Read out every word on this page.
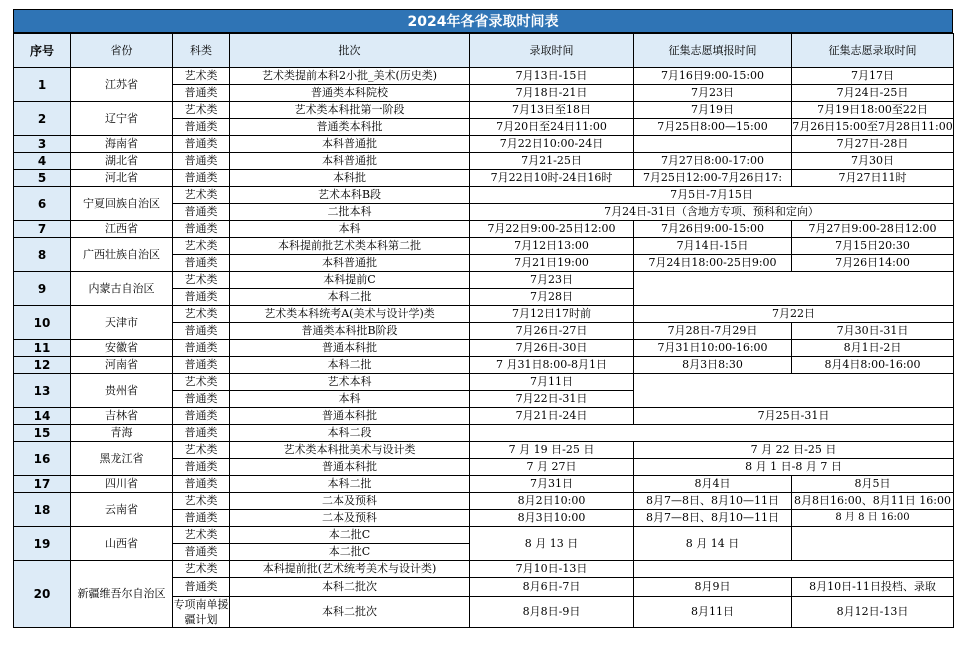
2024年各省录取时间表
序号	省份	科类	批次	录取时间	征集志愿填报时间	征集志愿录取时间
1	江苏省	艺术类	艺术类提前本科2小批_美术(历史类)	7月13日-15日	7月16日9:00-15:00	7月17日
		普通类	普通类本科院校	7月18日-21日	7月23日	7月24日-25日
2	辽宁省	艺术类	艺术类本科批第一阶段	7月13日至18日	7月19日	7月19日18:00至22日
		普通类	普通类本科批	7月20日至24日11:00	7月25日8:00—15:00	7月26日15:00至7月28日11:00
3	海南省	普通类	本科普通批	7月22日10:00-24日		7月27日-28日
4	湖北省	普通类	本科普通批	7月21-25日	7月27日8:00-17:00	7月30日
5	河北省	普通类	本科批	7月22日10时-24日16时	7月25日12:00-7月26日17:	7月27日11时
6	宁夏回族自治区	艺术类	艺术本科B段	7月5日-7月15日		
		普通类	二批本科	7月24日-31日（含地方专项、预科和定向）		
7	江西省	普通类	本科	7月22日9:00-25日12:00	7月26日9:00-15:00	7月27日9:00-28日12:00
8	广西壮族自治区	艺术类	本科提前批艺术类本科第二批	7月12日13:00	7月14日-15日	7月15日20:30
		普通类	本科普通批	7月21日19:00	7月24日18:00-25日9:00	7月26日14:00
9	内蒙古自治区	艺术类	本科提前C	7月23日		
		普通类	本科二批	7月28日		
10	天津市	艺术类	艺术类本科统考A(美术与设计学)类	7月12日17时前	7月22日	
		普通类	普通类本科批B阶段	7月26日-27日	7月28日-7月29日	7月30日-31日
11	安徽省	普通类	普通本科批	7月26日-30日	7月31日10:00-16:00	8月1日-2日
12	河南省	普通类	本科二批	7 月31日8:00-8月1日	8月3日8:30	8月4日8:00-16:00
13	贵州省	艺术类	艺术本科	7月11日		
		普通类	本科	7月22日-31日		
14	吉林省	普通类	普通本科批	7月21日-24日	7月25日-31日	
15	青海	普通类	本科二段			
16	黑龙江省	艺术类	艺术类本科批美术与设计类	7 月 19 日-25 日	7 月 22 日-25 日	
		普通类	普通本科批	7 月 27日	8 月 1 日-8 月 7 日	
17	四川省	普通类	本科二批	7月31日	8月4日	8月5日
18	云南省	艺术类	二本及预科	8月2日10:00	8月7—8日、8月10—11日	8月8日16:00、8月11日 16:00
		普通类	二本及预科	8月3日10:00	8月7—8日、8月10—11日	8 月 8 日 16:00
19	山西省	艺术类	本二批C	8 月 13 日	8 月 14 日	
		普通类	本二批C			
20	新疆维吾尔自治区	艺术类	本科提前批(艺术统考美术与设计类)	7月10日-13日		
		普通类	本科二批次	8月6日-7日	8月9日	8月10日-11日投档、录取
		专项南单援疆计划	本科二批次	8月8日-9日	8月11日	8月12日-13日
